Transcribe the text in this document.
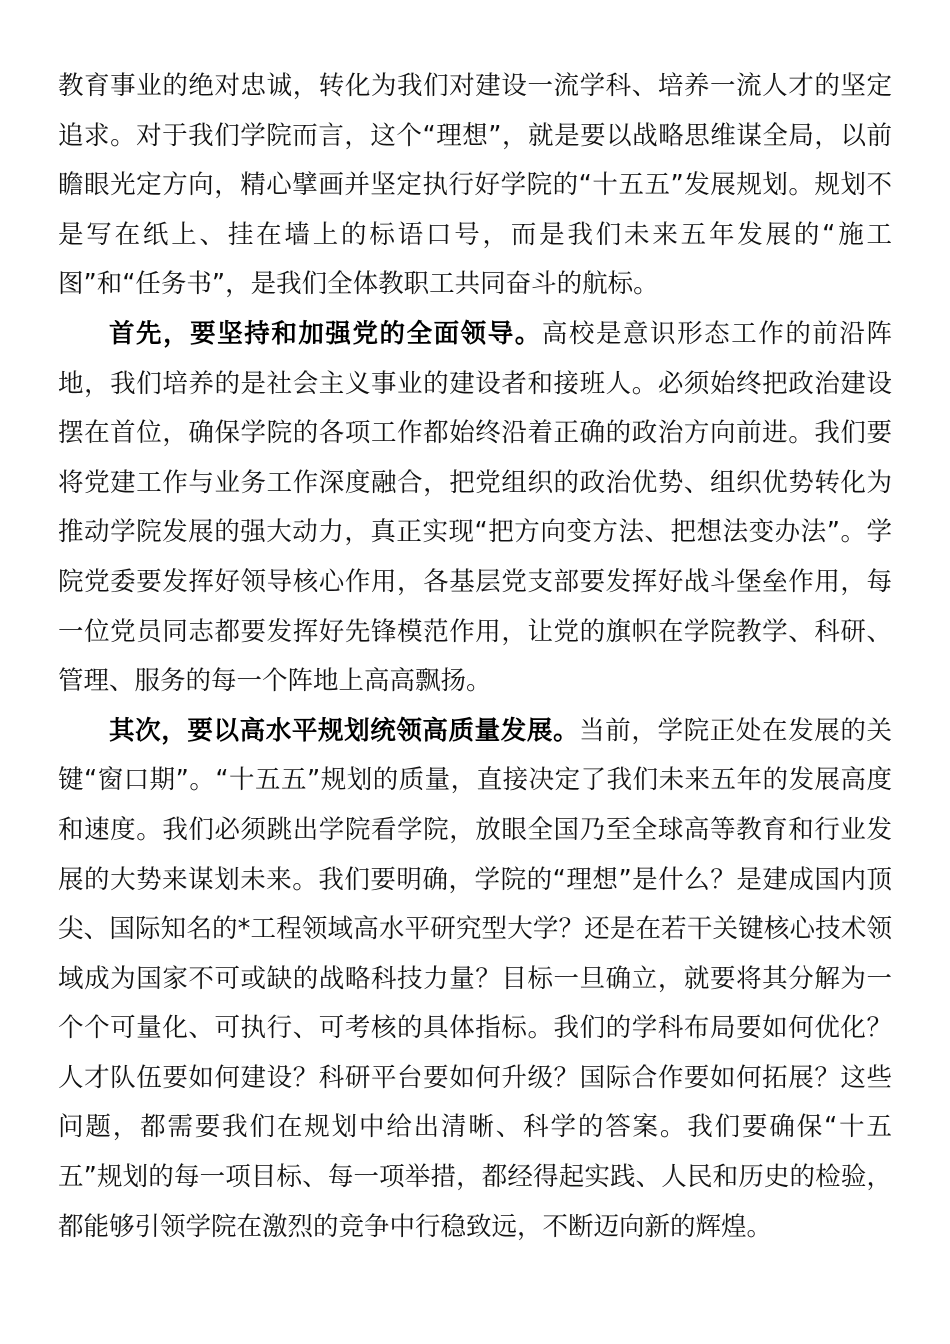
教育事业的绝对忠诚，转化为我们对建设一流学科、培养一流人才的坚定追求。对于我们学院而言，这个“理想”，就是要以战略思维谋全局，以前瞻眼光定方向，精心擘画并坚定执行好学院的“十五五”发展规划。规划不是写在纸上、挂在墙上的标语口号，而是我们未来五年发展的“施工图”和“任务书”，是我们全体教职工共同奋斗的航标。

首先，要坚持和加强党的全面领导。高校是意识形态工作的前沿阵地，我们培养的是社会主义事业的建设者和接班人。必须始终把政治建设摆在首位，确保学院的各项工作都始终沿着正确的政治方向前进。我们要将党建工作与业务工作深度融合，把党组织的政治优势、组织优势转化为推动学院发展的强大动力，真正实现“把方向变方法、把想法变办法”。学院党委要发挥好领导核心作用，各基层党支部要发挥好战斗堡垒作用，每一位党员同志都要发挥好先锋模范作用，让党的旗帜在学院教学、科研、管理、服务的每一个阵地上高高飘扬。

其次，要以高水平规划统领高质量发展。当前，学院正处在发展的关键“窗口期”。“十五五”规划的质量，直接决定了我们未来五年的发展高度和速度。我们必须跳出学院看学院，放眼全国乃至全球高等教育和行业发展的大势来谋划未来。我们要明确，学院的“理想”是什么？是建成国内顶尖、国际知名的*工程领域高水平研究型大学？还是在若干关键核心技术领域成为国家不可或缺的战略科技力量？目标一旦确立，就要将其分解为一个个可量化、可执行、可考核的具体指标。我们的学科布局要如何优化？人才队伍要如何建设？科研平台要如何升级？国际合作要如何拓展？这些问题，都需要我们在规划中给出清晰、科学的答案。我们要确保“十五五”规划的每一项目标、每一项举措，都经得起实践、人民和历史的检验，都能够引领学院在激烈的竞争中行稳致远，不断迈向新的辉煌。
